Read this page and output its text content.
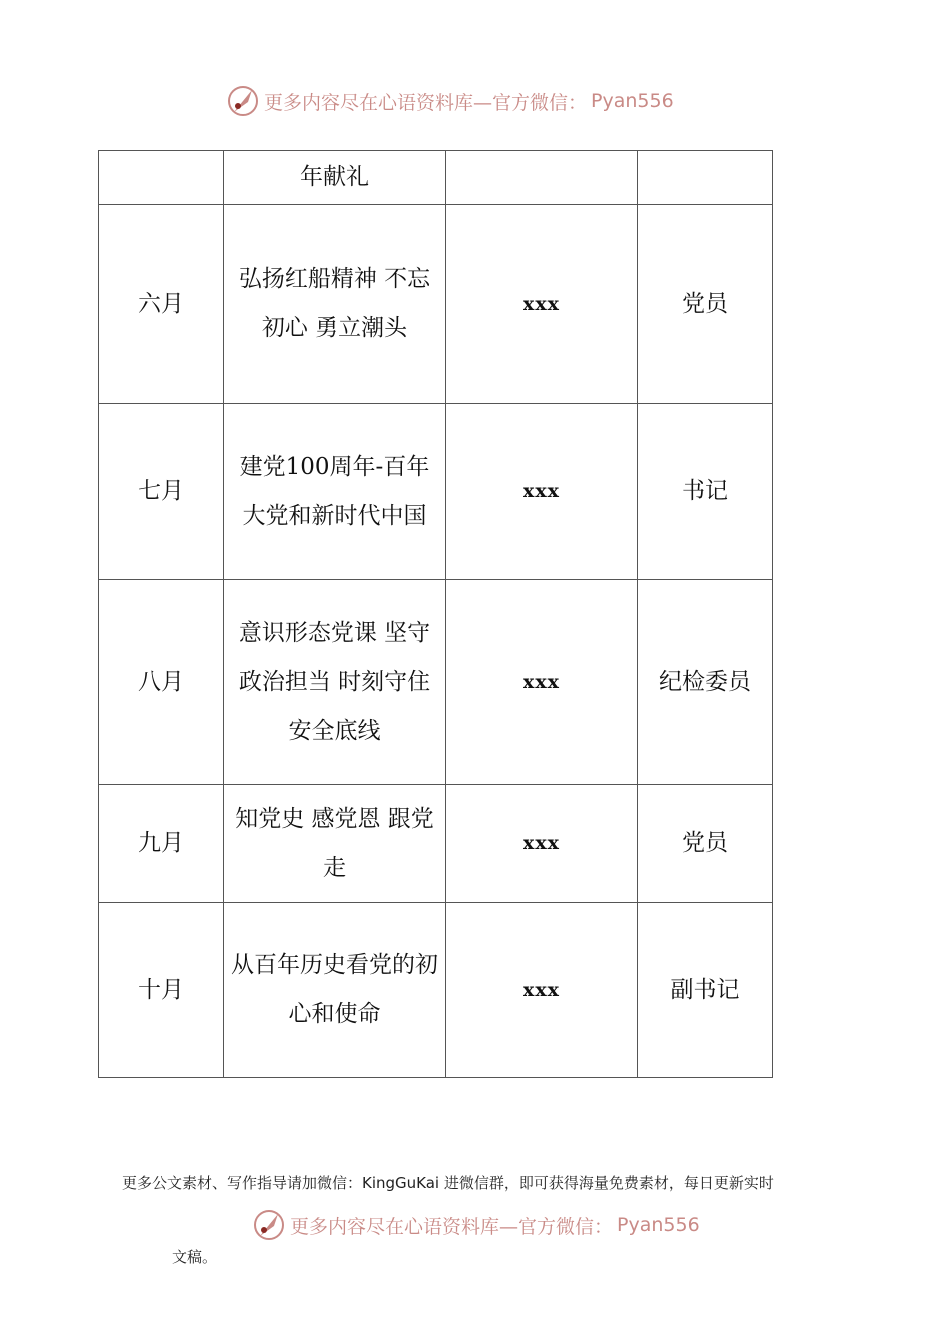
更多内容尽在心语资料库—官方微信： Pyan556
	年献礼		
六月	弘扬红船精神 不忘初心 勇立潮头	xxx	党员
七月	建党100周年-百年大党和新时代中国	xxx	书记
八月	意识形态党课 坚守政治担当 时刻守住安全底线	xxx	纪检委员
九月	知党史 感党恩 跟党走	xxx	党员
十月	从百年历史看党的初心和使命	xxx	副书记
更多公文素材、写作指导请加微信：KingGuKai 进微信群，即可获得海量免费素材，每日更新实时
更多内容尽在心语资料库—官方微信： Pyan556
文稿。
